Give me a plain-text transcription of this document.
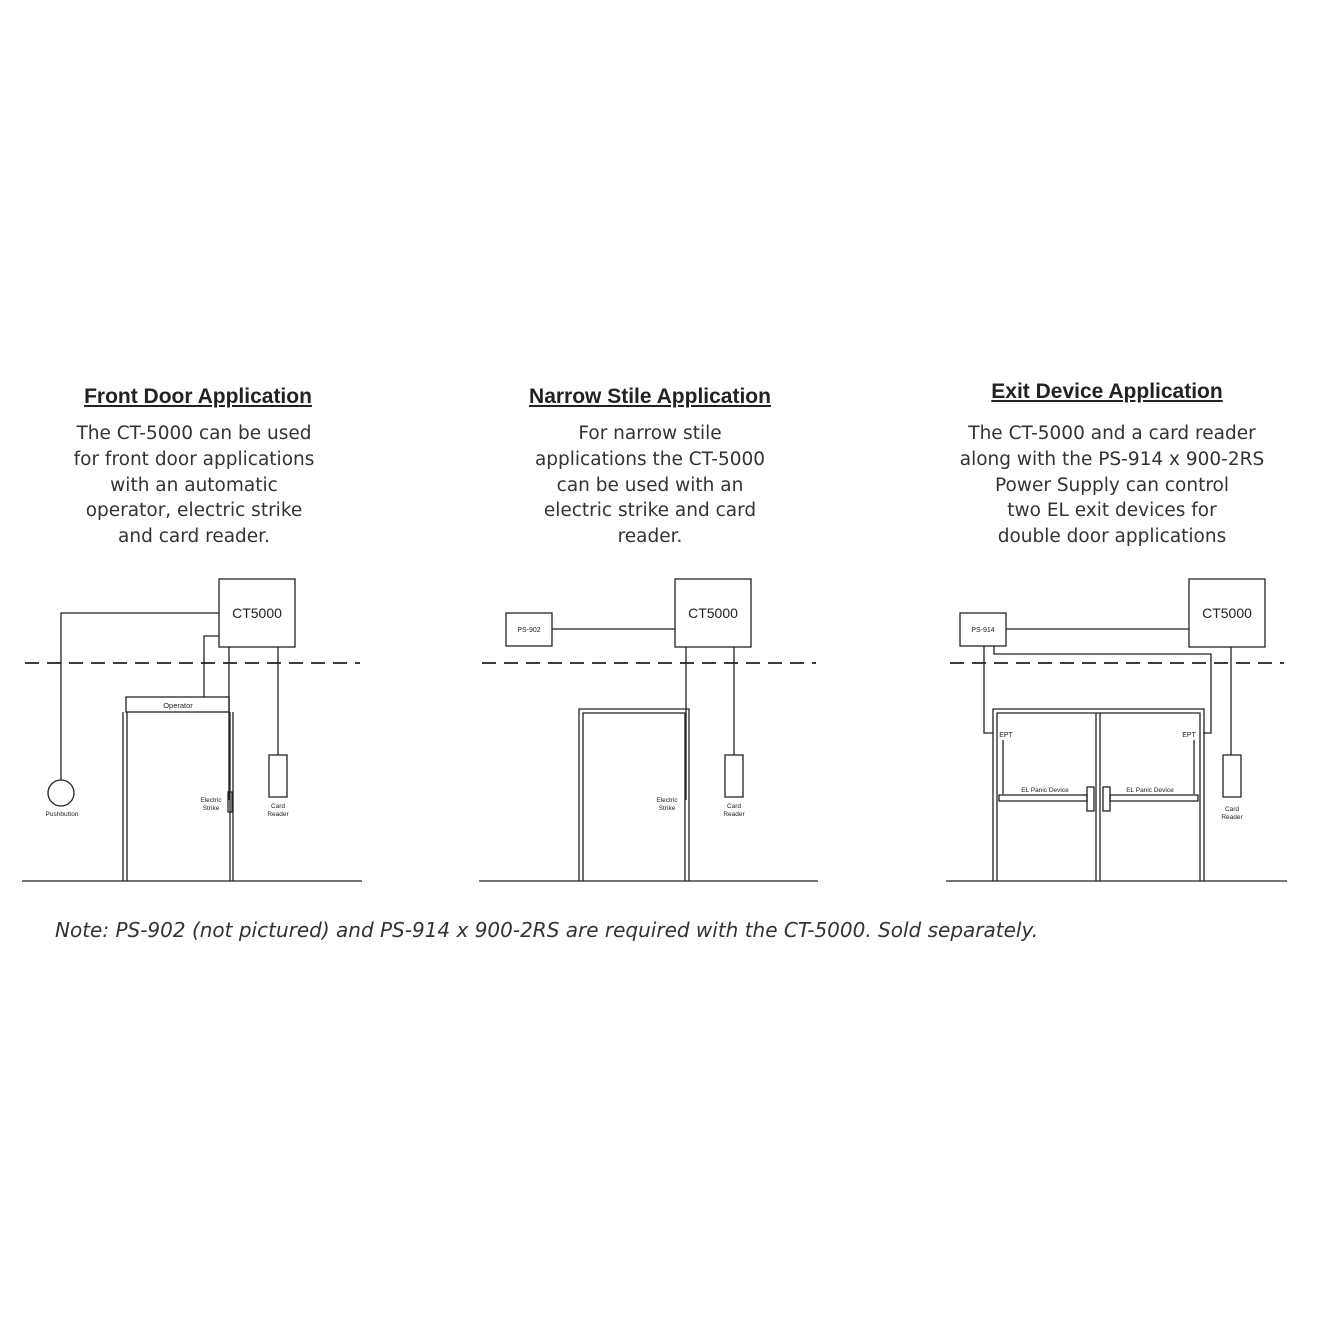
Front Door Application
The CT-5000 can be used
for front door applications
with an automatic
operator, electric strike
and card reader.
Narrow Stile Application
For narrow stile
applications the CT-5000
can be used with an
electric strike and card
reader.
Exit Device Application
The CT-5000 and a card reader
along with the PS-914 x 900-2RS
Power Supply can control
two EL exit devices for
double door applications
CT5000
Operator
Pushbutton
Electric
Strike	Card
Reader
CT5000
PS-902
Electric
Strike	Card
Reader
CT5000
PS-914
EPT	EPT
EL Panic Device	EL Panic Device
Card
Reader
Note: PS-902 (not pictured) and PS-914 x 900-2RS are required with the CT-5000. Sold separately.
